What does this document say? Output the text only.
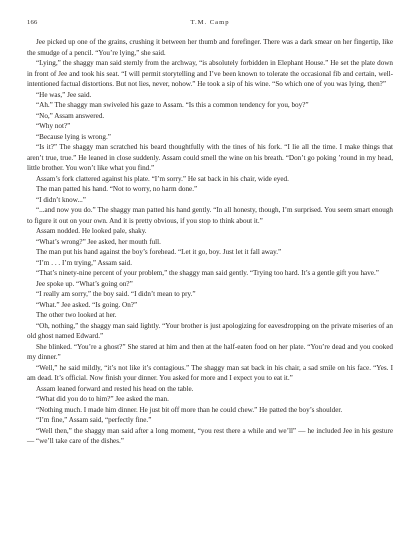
166	T.M. Camp

Jee picked up one of the grains, crushing it between her thumb and forefinger. There was a dark smear on her fingertip, like the smudge of a pencil. “You’re lying,” she said.

“Lying,” the shaggy man said sternly from the archway, “is absolutely forbidden in Elephant House.” He set the plate down in front of Jee and took his seat. “I will permit storytelling and I’ve been known to tolerate the occasional fib and certain, well-intentioned factual distortions. But not lies, never, nohow.” He took a sip of his wine. “So which one of you was lying, then?”

“He was,” Jee said.

“Ah.” The shaggy man swiveled his gaze to Assam. “Is this a common tendency for you, boy?”

“No,” Assam answered.

“Why not?”

“Because lying is wrong.”

“Is it?” The shaggy man scratched his beard thoughtfully with the tines of his fork. “I lie all the time. I make things that aren’t true, true.” He leaned in close suddenly. Assam could smell the wine on his breath. “Don’t go poking ’round in my head, little brother. You won’t like what you find.”

Assam’s fork clattered against his plate. “I’m sorry.” He sat back in his chair, wide eyed.

The man patted his hand. “Not to worry, no harm done.”

“I didn’t know...”

“...and now you do.” The shaggy man patted his hand gently. “In all honesty, though, I’m surprised. You seem smart enough to figure it out on your own. And it is pretty obvious, if you stop to think about it.”

Assam nodded. He looked pale, shaky.

“What’s wrong?” Jee asked, her mouth full.

The man put his hand against the boy’s forehead. “Let it go, boy. Just let it fall away.”

“I’m . . . I’m trying,” Assam said.

“That’s ninety-nine percent of your problem,” the shaggy man said gently. “Trying too hard. It’s a gentle gift you have.”

Jee spoke up. “What’s going on?”

“I really am sorry,” the boy said. “I didn’t mean to pry.”

“What.” Jee asked. “Is going. On?”

The other two looked at her.

“Oh, nothing,” the shaggy man said lightly. “Your brother is just apologizing for eavesdropping on the private miseries of an old ghost named Edward.”

She blinked. “You’re a ghost?” She stared at him and then at the half-eaten food on her plate. “You’re dead and you cooked my dinner.”

“Well,” he said mildly, “it’s not like it’s contagious.” The shaggy man sat back in his chair, a sad smile on his face. “Yes. I am dead. It’s official. Now finish your dinner. You asked for more and I expect you to eat it.”

Assam leaned forward and rested his head on the table.

“What did you do to him?” Jee asked the man.

“Nothing much. I made him dinner. He just bit off more than he could chew.” He patted the boy’s shoulder.

“I’m fine,” Assam said, “perfectly fine.”

“Well then,” the shaggy man said after a long moment, “you rest there a while and we’ll” — he included Jee in his gesture — “we’ll take care of the dishes.”
